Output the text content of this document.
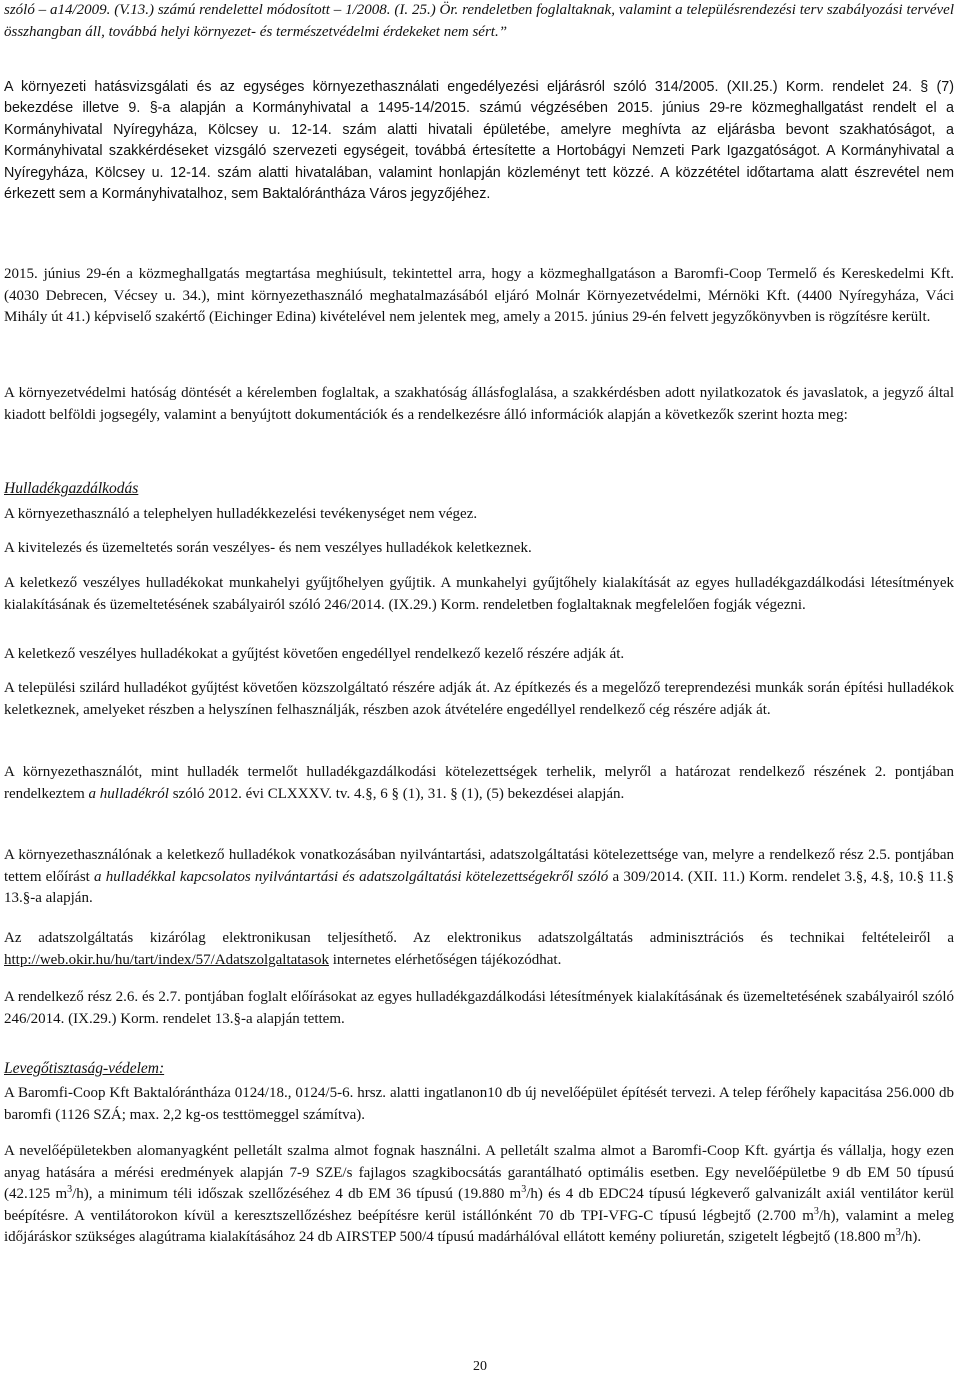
szóló – a14/2009. (V.13.) számú rendelettel módosított – 1/2008. (I. 25.) Ör. rendeletben foglaltaknak, valamint a településrendezési terv szabályozási tervével összhangban áll, továbbá helyi környezet- és természetvédelmi érdekeket nem sért.”

A környezeti hatásvizsgálati és az egységes környezethasználati engedélyezési eljárásról szóló 314/2005. (XII.25.) Korm. rendelet 24. § (7) bekezdése illetve 9. §-a alapján a Kormányhivatal a 1495-14/2015. számú végzésében 2015. június 29-re közmeghallgatást rendelt el a Kormányhivatal Nyíregyháza, Kölcsey u. 12-14. szám alatti hivatali épületébe, amelyre meghívta az eljárásba bevont szakhatóságot, a Kormányhivatal szakkérdéseket vizsgáló szervezeti egységeit, továbbá értesítette a Hortobágyi Nemzeti Park Igazgatóságot. A Kormányhivatal a Nyíregyháza, Kölcsey u. 12-14. szám alatti hivatalában, valamint honlapján közleményt tett közzé. A közzététel időtartama alatt észrevétel nem érkezett sem a Kormányhivatalhoz, sem Baktalórántháza Város jegyzőjéhez.

2015. június 29-én a közmeghallgatás megtartása meghiúsult, tekintettel arra, hogy a közmeghallgatáson a Baromfi-Coop Termelő és Kereskedelmi Kft. (4030 Debrecen, Vécsey u. 34.), mint környezethasználó meghatalmazásából eljáró Molnár Környezetvédelmi, Mérnöki Kft. (4400 Nyíregyháza, Váci Mihály út 41.) képviselő szakértő (Eichinger Edina) kivételével nem jelentek meg, amely a 2015. június 29-én felvett jegyzőkönyvben is rögzítésre került.

A környezetvédelmi hatóság döntését a kérelemben foglaltak, a szakhatóság állásfoglalása, a szakkérdésben adott nyilatkozatok és javaslatok, a jegyző által kiadott belföldi jogsegély, valamint a benyújtott dokumentációk és a rendelkezésre álló információk alapján a következők szerint hozta meg:

Hulladékgazdálkodás

A környezethasználó a telephelyen hulladékkezelési tevékenységet nem végez.

A kivitelezés és üzemeltetés során veszélyes- és nem veszélyes hulladékok keletkeznek.

A keletkező veszélyes hulladékokat munkahelyi gyűjtőhelyen gyűjtik. A munkahelyi gyűjtőhely kialakítását az egyes hulladékgazdálkodási létesítmények kialakításának és üzemeltetésének szabályairól szóló 246/2014. (IX.29.) Korm. rendeletben foglaltaknak megfelelően fogják végezni.

A keletkező veszélyes hulladékokat a gyűjtést követően engedéllyel rendelkező kezelő részére adják át.

A települési szilárd hulladékot gyűjtést követően közszolgáltató részére adják át. Az építkezés és a megelőző tereprendezési munkák során építési hulladékok keletkeznek, amelyeket részben a helyszínen felhasználják, részben azok átvételére engedéllyel rendelkező cég részére adják át.

A környezethasználót, mint hulladék termelőt hulladékgazdálkodási kötelezettségek terhelik, melyről a határozat rendelkező részének 2. pontjában rendelkeztem a hulladékról szóló 2012. évi CLXXXV. tv. 4.§, 6 § (1), 31. § (1), (5) bekezdései alapján.

A környezethasználónak a keletkező hulladékok vonatkozásában nyilvántartási, adatszolgáltatási kötelezettsége van, melyre a rendelkező rész 2.5. pontjában tettem előírást a hulladékkal kapcsolatos nyilvántartási és adatszolgáltatási kötelezettségekről szóló a 309/2014. (XII. 11.) Korm. rendelet 3.§, 4.§, 10.§ 11.§ 13.§-a alapján.

Az adatszolgáltatás kizárólag elektronikusan teljesíthető. Az elektronikus adatszolgáltatás adminisztrációs és technikai feltételeiről a http://web.okir.hu/hu/tart/index/57/Adatszolgaltatasok internetes elérhetőségen tájékozódhat.

A rendelkező rész 2.6. és 2.7. pontjában foglalt előírásokat az egyes hulladékgazdálkodási létesítmények kialakításának és üzemeltetésének szabályairól szóló 246/2014. (IX.29.) Korm. rendelet 13.§-a alapján tettem.

Levegőtisztaság-védelem:

A Baromfi-Coop Kft Baktalórántháza 0124/18., 0124/5-6. hrsz. alatti ingatlanon10 db új nevelőépület építését tervezi. A telep férőhely kapacitása 256.000 db baromfi (1126 SZÁ; max. 2,2 kg-os testtömeggel számítva).

A nevelőépületekben alomanyagként pelletált szalma almot fognak használni. A pelletált szalma almot a Baromfi-Coop Kft. gyártja és vállalja, hogy ezen anyag hatására a mérési eredmények alapján 7-9 SZE/s fajlagos szagkibocsátás garantálható optimális esetben. Egy nevelőépületbe 9 db EM 50 típusú (42.125 $m^3/h$), a minimum téli időszak szellőzéséhez 4 db EM 36 típusú (19.880 $m^3/h$) és 4 db EDC24 típusú légkeverő galvanizált axiál ventilátor kerül beépítésre. A ventilátorokon kívül a keresztszellőzéshez beépítésre kerül istállónként 70 db TPI-VFG-C típusú légbejtő (2.700 $m^3/h$), valamint a meleg időjáráskor szükséges alagútrama kialakításához 24 db AIRSTEP 500/4 típusú madárhálóval ellátott kemény poliuretán, szigetelt légbejtő (18.800 $m^3/h$).

20
